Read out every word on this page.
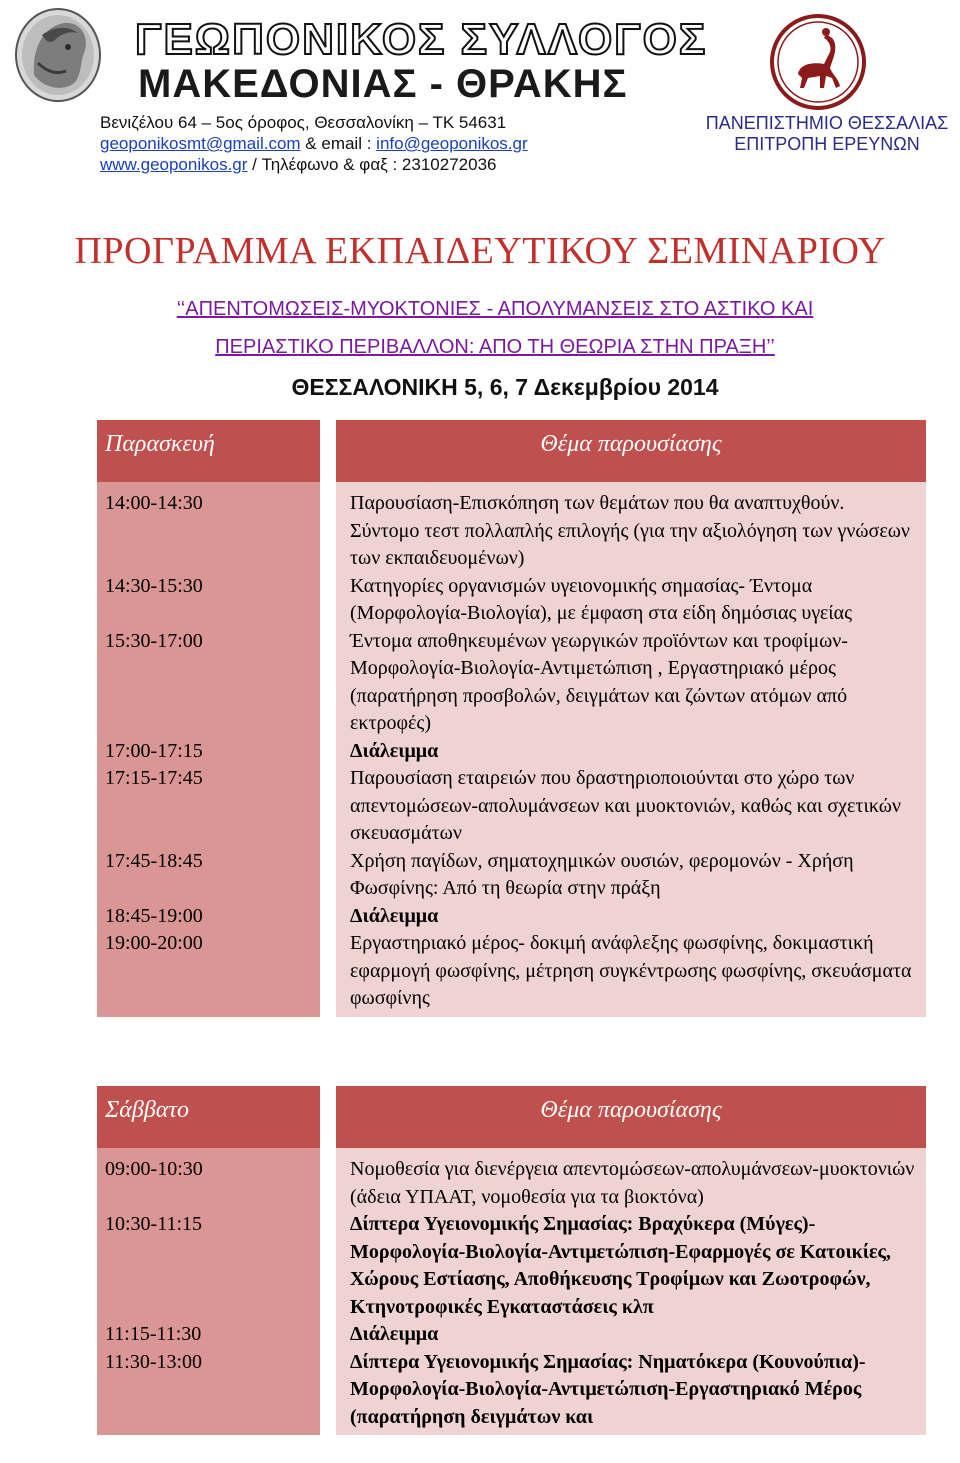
ΓΕΩΠΟΝΙΚΟΣ ΣΥΛΛΟΓΟΣ
ΜΑΚΕΔΟΝΙΑΣ - ΘΡΑΚΗΣ
Βενιζέλου 64 – 5ος όροφος, Θεσσαλονίκη – ΤΚ 54631
geoponikosmt@gmail.com & email : info@geoponikos.gr
www.geoponikos.gr / Τηλέφωνο & φαξ : 2310272036
ΠΑΝΕΠΙΣΤΗΜΙΟ ΘΕΣΣΑΛΙΑΣ
ΕΠΙΤΡΟΠΗ ΕΡΕΥΝΩΝ
ΠΡΟΓΡΑΜΜΑ ΕΚΠΑΙΔΕΥΤΙΚΟΥ ΣΕΜΙΝΑΡΙΟΥ
‘‘ΑΠΕΝΤΟΜΩΣΕΙΣ-ΜΥΟΚΤΟΝΙΕΣ - ΑΠΟΛΥΜΑΝΣΕΙΣ ΣΤΟ ΑΣΤΙΚΟ ΚΑΙ
ΠΕΡΙΑΣΤΙΚΟ ΠΕΡΙΒΑΛΛΟΝ: ΑΠΟ ΤΗ ΘΕΩΡΙΑ ΣΤΗΝ ΠΡΑΞΗ’’
ΘΕΣΣΑΛΟΝΙΚΗ 5, 6, 7 Δεκεμβρίου 2014
Παρασκευή	Θέμα παρουσίασης
14:00-14:30	Παρουσίαση-Επισκόπηση των θεμάτων που θα αναπτυχθούν. Σύντομο τεστ πολλαπλής επιλογής (για την αξιολόγηση των γνώσεων των εκπαιδευομένων)
14:30-15:30	Κατηγορίες οργανισμών υγειονομικής σημασίας- Έντομα (Μορφολογία-Βιολογία), με έμφαση στα είδη δημόσιας υγείας
15:30-17:00	Έντομα αποθηκευμένων γεωργικών προϊόντων και τροφίμων- Μορφολογία-Βιολογία-Αντιμετώπιση , Εργαστηριακό μέρος (παρατήρηση προσβολών, δειγμάτων και ζώντων ατόμων από εκτροφές)
17:00-17:15	Διάλειμμα
17:15-17:45	Παρουσίαση εταιρειών που δραστηριοποιούνται στο χώρο των απεντομώσεων-απολυμάνσεων και μυοκτονιών, καθώς και σχετικών σκευασμάτων
17:45-18:45	Χρήση παγίδων, σηματοχημικών ουσιών, φερομονών - Χρήση Φωσφίνης: Από τη θεωρία στην πράξη
18:45-19:00	Διάλειμμα
19:00-20:00	Εργαστηριακό μέρος- δοκιμή ανάφλεξης φωσφίνης, δοκιμαστική εφαρμογή φωσφίνης, μέτρηση συγκέντρωσης φωσφίνης, σκευάσματα φωσφίνης
Σάββατο	Θέμα παρουσίασης
09:00-10:30	Νομοθεσία για διενέργεια απεντομώσεων-απολυμάνσεων-μυοκτονιών (άδεια ΥΠΑΑΤ, νομοθεσία για τα βιοκτόνα)
10:30-11:15	Δίπτερα Υγειονομικής Σημασίας: Βραχύκερα (Μύγες)- Μορφολογία-Βιολογία-Αντιμετώπιση-Εφαρμογές σε Κατοικίες, Χώρους Εστίασης, Αποθήκευσης Τροφίμων και Ζωοτροφών, Κτηνοτροφικές Εγκαταστάσεις κλπ
11:15-11:30	Διάλειμμα
11:30-13:00	Δίπτερα Υγειονομικής Σημασίας: Νηματόκερα (Κουνούπια)- Μορφολογία-Βιολογία-Αντιμετώπιση-Εργαστηριακό Μέρος (παρατήρηση δειγμάτων και
